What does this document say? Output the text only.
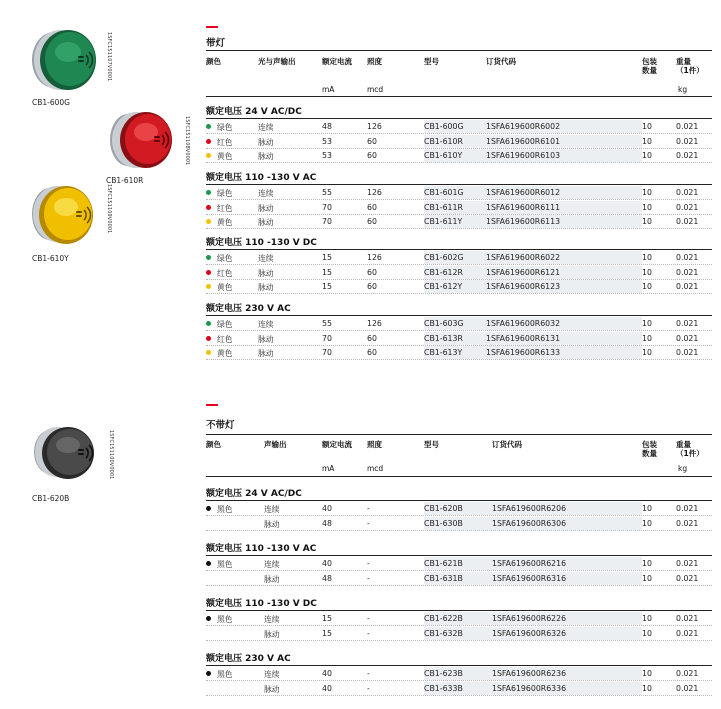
CB1-600G
1SFC151107V0001
CB1-610R
1SFC151108V0001
CB1-610Y
1SFC151109V0001
CB1-620B
1SFC151100V0001
带灯
颜色	光与声输出	额定电流 照度	型号	订货代码	包装数量
重量
（1件）
mA	mcd	kg
额定电压 24 V AC/DC
绿色	连续	48	126	CB1-600G	1SFA619600R6002	10	0.021
红色	脉动	53	60	CB1-610R	1SFA619600R6101	10	0.021
黄色	脉动	53	60	CB1-610Y	1SFA619600R6103	10	0.021
额定电压 110 -130 V AC
绿色	连续	55	126	CB1-601G	1SFA619600R6012	10	0.021
红色	脉动	70	60	CB1-611R	1SFA619600R6111	10	0.021
黄色	脉动	70	60	CB1-611Y	1SFA619600R6113	10	0.021
额定电压 110 -130 V DC
绿色	连续	15	126	CB1-602G	1SFA619600R6022	10	0.021
红色	脉动	15	60	CB1-612R	1SFA619600R6121	10	0.021
黄色	脉动	15	60	CB1-612Y	1SFA619600R6123	10	0.021
额定电压 230 V AC
绿色	连续	55	126	CB1-603G	1SFA619600R6032	10	0.021
红色	脉动	70	60	CB1-613R	1SFA619600R6131	10	0.021
黄色	脉动	70	60	CB1-613Y	1SFA619600R6133	10	0.021
不带灯
颜色	声输出	额定电流 照度	型号	订货代码	包装数量
重量
（1件）
mA	mcd	kg
额定电压 24 V AC/DC
黑色	连续	40	-	CB1-620B	1SFA619600R6206	10	0.021
脉动	48	-	CB1-630B	1SFA619600R6306	10	0.021
额定电压 110 -130 V AC
黑色	连续	40	-	CB1-621B	1SFA619600R6216	10	0.021
脉动	48	-	CB1-631B	1SFA619600R6316	10	0.021
额定电压 110 -130 V DC
黑色	连续	15	-	CB1-622B	1SFA619600R6226	10	0.021
脉动	15	-	CB1-632B	1SFA619600R6326	10	0.021
额定电压 230 V AC
黑色	连续	40	-	CB1-623B	1SFA619600R6236	10	0.021
脉动	40	-	CB1-633B	1SFA619600R6336	10	0.021
